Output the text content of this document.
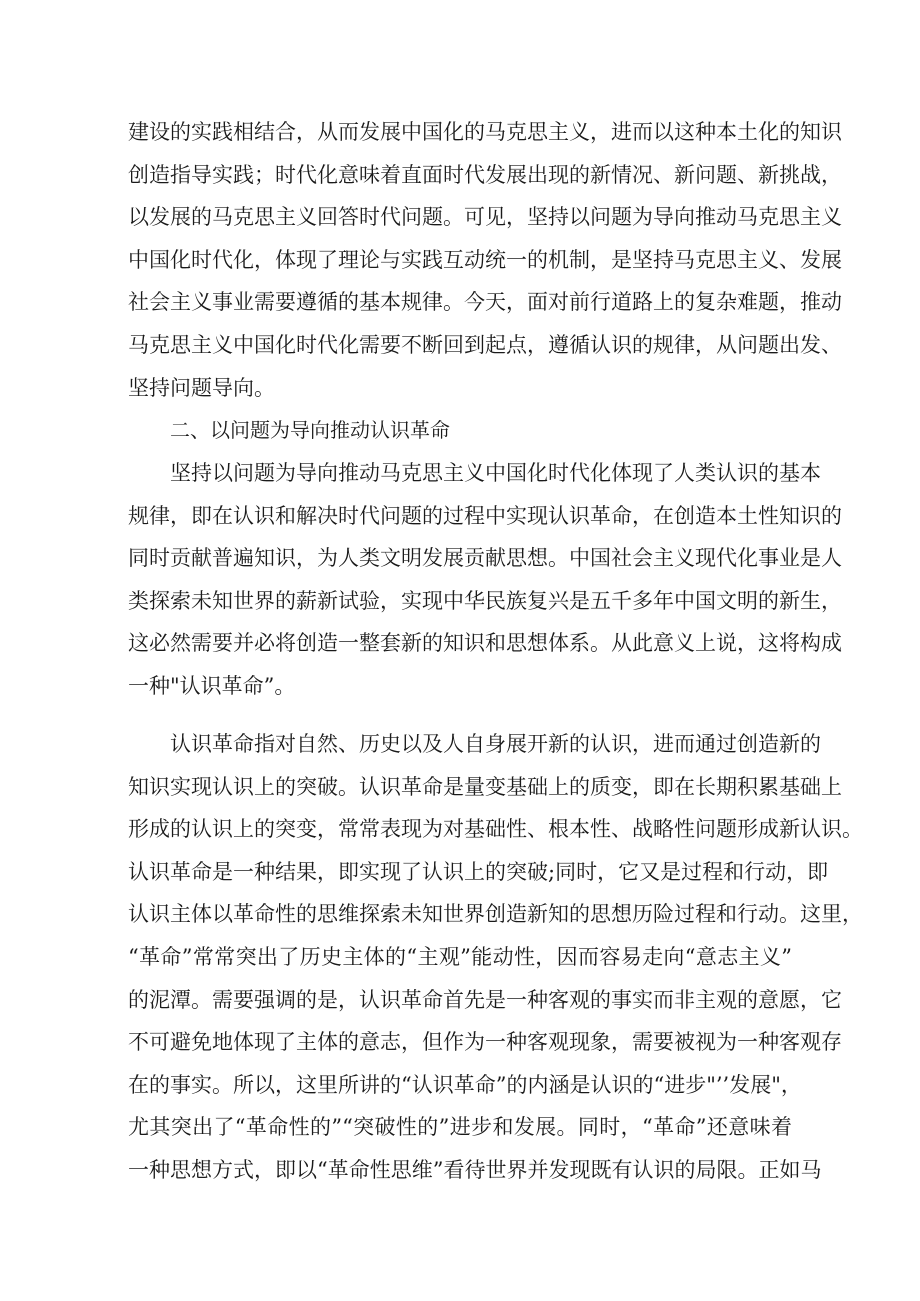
建设的实践相结合，从而发展中国化的马克思主义，进而以这种本土化的知识
创造指导实践；时代化意味着直面时代发展出现的新情况、新问题、新挑战，
以发展的马克思主义回答时代问题。可见，坚持以问题为导向推动马克思主义
中国化时代化，体现了理论与实践互动统一的机制，是坚持马克思主义、发展
社会主义事业需要遵循的基本规律。今天，面对前行道路上的复杂难题，推动
马克思主义中国化时代化需要不断回到起点，遵循认识的规律，从问题出发、
坚持问题导向。
二、以问题为导向推动认识革命
坚持以问题为导向推动马克思主义中国化时代化体现了人类认识的基本
规律，即在认识和解决时代问题的过程中实现认识革命，在创造本土性知识的
同时贡献普遍知识，为人类文明发展贡献思想。中国社会主义现代化事业是人
类探索未知世界的薪新试验，实现中华民族复兴是五千多年中国文明的新生，
这必然需要并必将创造一整套新的知识和思想体系。从此意义上说，这将构成
一种"认识革命”。
认识革命指对自然、历史以及人自身展开新的认识，进而通过创造新的
知识实现认识上的突破。认识革命是量变基础上的质变，即在长期积累基础上
形成的认识上的突变，常常表现为对基础性、根本性、战略性问题形成新认识。
认识革命是一种结果，即实现了认识上的突破;同时，它又是过程和行动，即
认识主体以革命性的思维探索未知世界创造新知的思想历险过程和行动。这里，
“革命”常常突出了历史主体的“主观”能动性，因而容易走向“意志主义”
的泥潭。需要强调的是，认识革命首先是一种客观的事实而非主观的意愿，它
不可避免地体现了主体的意志，但作为一种客观现象，需要被视为一种客观存
在的事实。所以，这里所讲的“认识革命”的内涵是认识的“进步"’’发展"，
尤其突出了“革命性的”“突破性的”进步和发展。同时，“革命”还意味着
一种思想方式，即以“革命性思维”看待世界并发现既有认识的局限。正如马
